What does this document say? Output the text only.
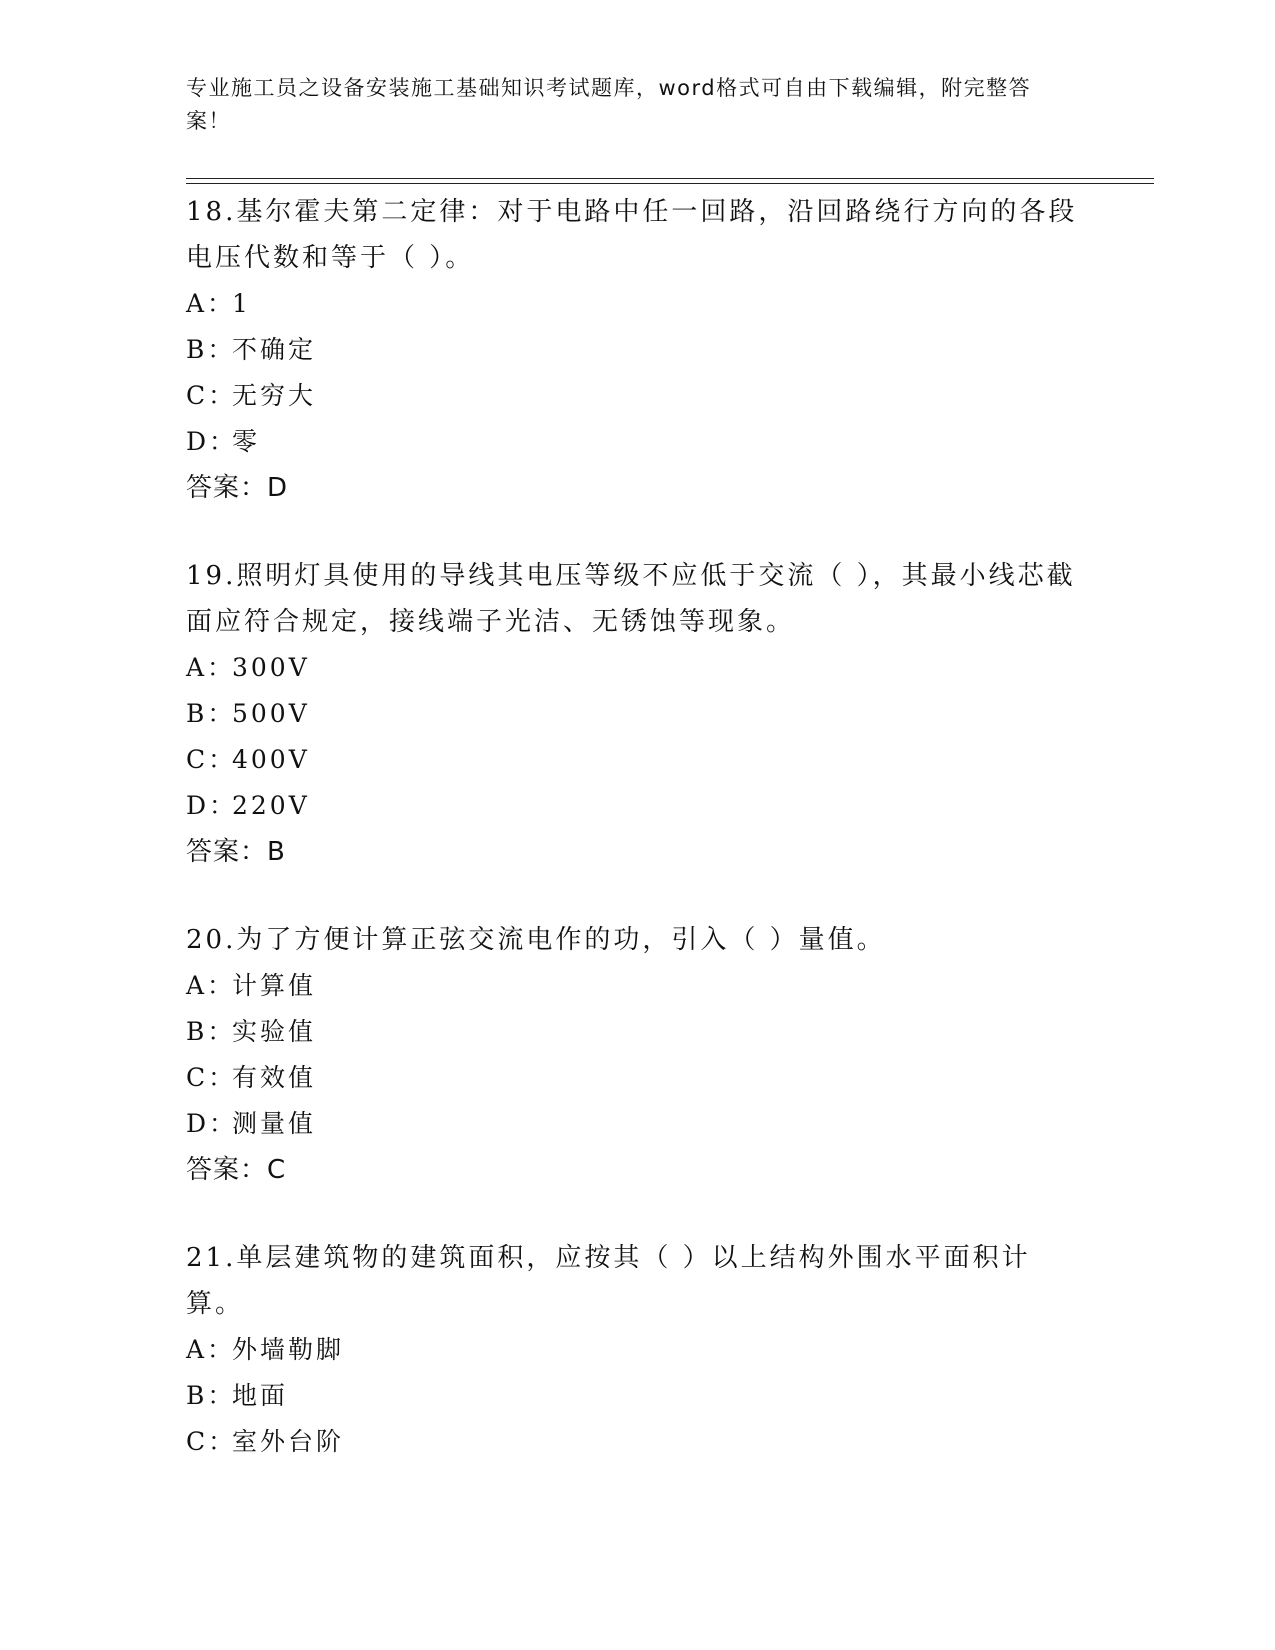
专业施工员之设备安装施工基础知识考试题库，word格式可自由下载编辑，附完整答案！

18.基尔霍夫第二定律：对于电路中任一回路，沿回路绕行方向的各段电压代数和等于（ ）。

A：1

B：不确定

C：无穷大

D：零

答案：D

19.照明灯具使用的导线其电压等级不应低于交流（ ），其最小线芯截面应符合规定，接线端子光洁、无锈蚀等现象。

A：300V

B：500V

C：400V

D：220V

答案：B

20.为了方便计算正弦交流电作的功，引入（ ）量值。

A：计算值

B：实验值

C：有效值

D：测量值

答案：C

21.单层建筑物的建筑面积，应按其（ ）以上结构外围水平面积计算。

A：外墙勒脚

B：地面

C：室外台阶
